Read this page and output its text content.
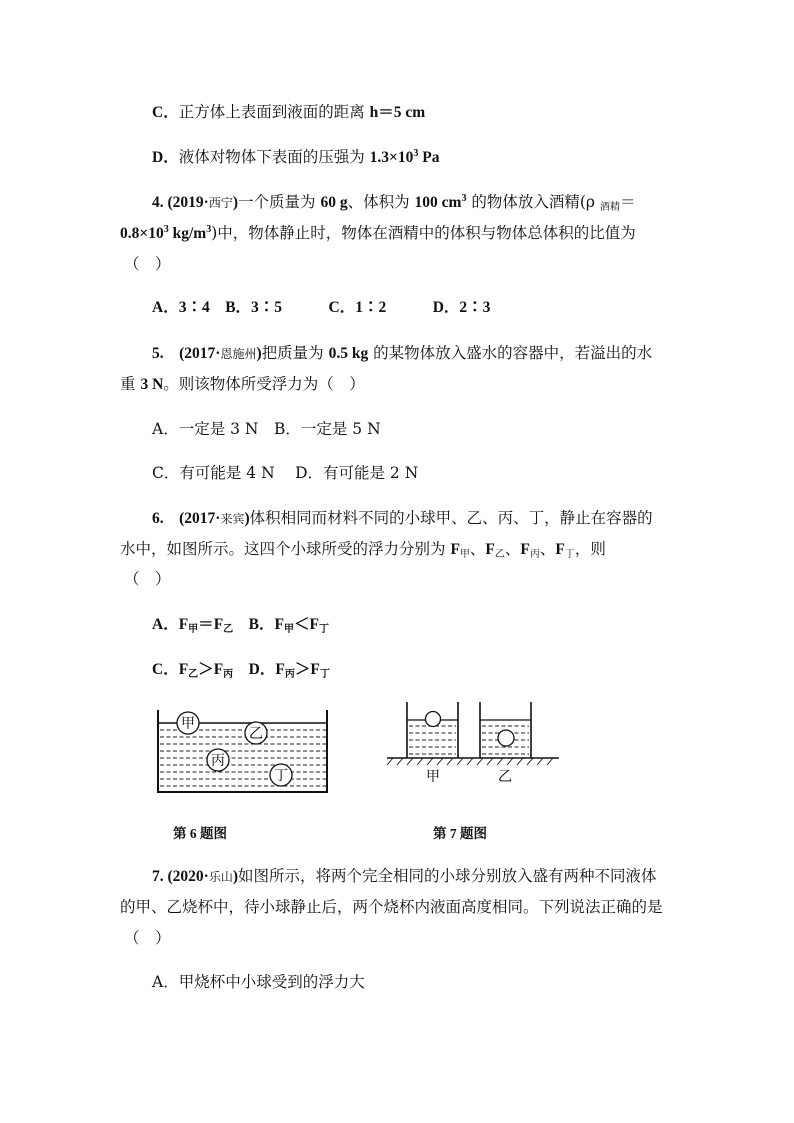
C．正方体上表面到液面的距离 h＝5 cm
D．液体对物体下表面的压强为 $1.3\times 10^3$ Pa
4. (2019·西宁)一个质量为 60 g、体积为 100 $cm^3$ 的物体放入酒精(ρ $_{酒精}$＝
$0.8\times 10^3$ $kg/m^3$)中，物体静止时，物体在酒精中的体积与物体总体积的比值为
（　）
A．3∶4　B．3∶5　　　C．1∶2　　　D．2∶3
5.　(2017·恩施州)把质量为 0.5 kg 的某物体放入盛水的容器中，若溢出的水
重 3 N。则该物体所受浮力为（　）
A．一定是 3 N　B．一定是 5 N
C．有可能是 4 N　 D．有可能是 2 N
6.　(2017·来宾)体积相同而材料不同的小球甲、乙、丙、丁，静止在容器的
水中，如图所示。这四个小球所受的浮力分别为 $F_甲$、$F_乙$、$F_丙$、$F_丁$，则
（　）
A．$F_甲=F_乙$　B．$F_甲<F_丁$
C．$F_乙>F_丙$　D．$F_丙>F_丁$
甲
乙
丙
丁	甲	乙
第 6 题图	第 7 题图
7. (2020·乐山)如图所示，将两个完全相同的小球分别放入盛有两种不同液体
的甲、乙烧杯中，待小球静止后，两个烧杯内液面高度相同。下列说法正确的是
（　）
A．甲烧杯中小球受到的浮力大
